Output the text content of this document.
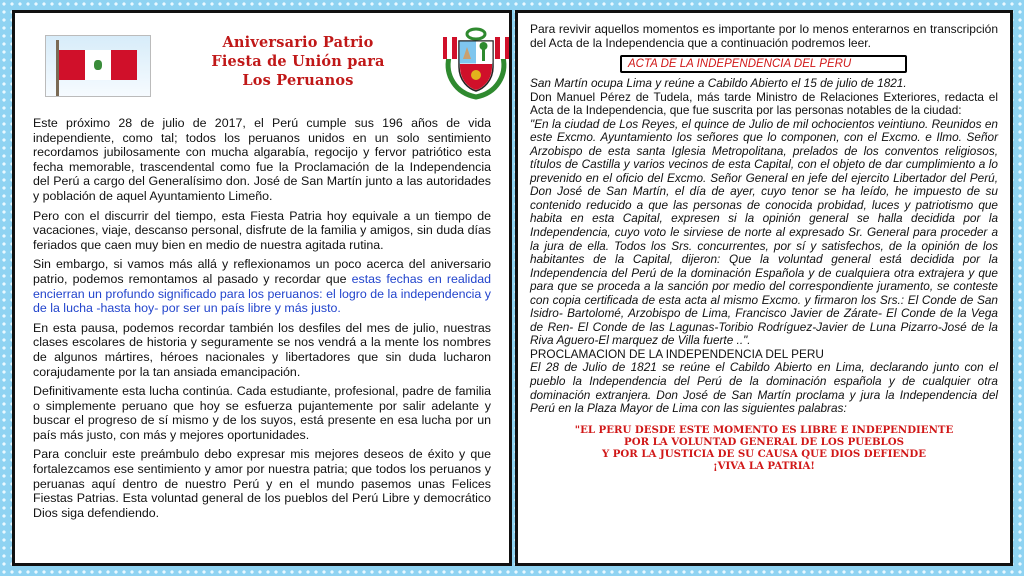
Aniversario Patrio
Fiesta de Unión para
Los Peruanos

Este próximo 28 de julio de 2017, el Perú cumple sus 196 años de vida independiente, como tal; todos los peruanos unidos en un solo sentimiento recordamos jubilosamente con mucha algarabía, regocijo y fervor patriótico esta fecha memorable, trascendental como fue la Proclamación de la Independencia del Perú a cargo del Generalísimo don. José de San Martín junto a las autoridades y población de aquel Ayuntamiento Limeño.

Pero con el discurrir del tiempo, esta Fiesta Patria hoy equivale a un tiempo de vacaciones, viaje, descanso personal, disfrute de la familia y amigos, sin duda días feriados que caen muy bien en medio de nuestra agitada rutina.

Sin embargo, si vamos más allá y reflexionamos un poco acerca del aniversario patrio, podemos remontamos al pasado y recordar que estas fechas en realidad encierran un profundo significado para los peruanos: el logro de la independencia y de la lucha -hasta hoy- por ser un país libre y más justo.

En esta pausa, podemos recordar también los desfiles del mes de julio, nuestras clases escolares de historia y seguramente se nos vendrá a la mente los nombres de algunos mártires, héroes nacionales y libertadores que sin duda lucharon corajudamente por la tan ansiada emancipación.

Definitivamente esta lucha continúa. Cada estudiante, profesional, padre de familia o simplemente peruano que hoy se esfuerza pujantemente por salir adelante y buscar el progreso de sí mismo y de los suyos, está presente en esa lucha por un país más justo, con más y mejores oportunidades.

Para concluir este preámbulo debo expresar mis mejores deseos de éxito y que fortalezcamos ese sentimiento y amor por nuestra patria; que todos los peruanos y peruanas aquí dentro de nuestro Perú y en el mundo pasemos unas Felices Fiestas Patrias. Esta voluntad general de los pueblos del Perú Libre y democrático Dios siga defendiendo.

Para revivir aquellos momentos es importante por lo menos enterarnos en transcripción del Acta de la Independencia que a continuación podremos leer.
ACTA DE LA INDEPENDENCIA DEL PERU

San Martín ocupa Lima y reúne a Cabildo Abierto el 15 de julio de 1821.

Don Manuel Pérez de Tudela, más tarde Ministro de Relaciones Exteriores, redacta el Acta de la Independencia, que fue suscrita por las personas notables de la ciudad:

"En la ciudad de Los Reyes, el quince de Julio de mil ochocientos veintiuno. Reunidos en este Excmo. Ayuntamiento los señores que lo componen, con el Excmo. e Ilmo. Señor Arzobispo de esta santa Iglesia Metropolitana, prelados de los conventos religiosos, títulos de Castilla y varios vecinos de esta Capital, con el objeto de dar cumplimiento a lo prevenido en el oficio del Excmo. Señor General en jefe del ejercito Libertador del Perú, Don José de San Martín, el día de ayer, cuyo tenor se ha leído, he impuesto de su contenido reducido a que las personas de conocida probidad, luces y patriotismo que habita en esta Capital, expresen si la opinión general se halla decidida por la Independencia, cuyo voto le sirviese de norte al expresado Sr. General para proceder a la jura de ella. Todos los Srs. concurrentes, por sí y satisfechos, de la opinión de los habitantes de la Capital, dijeron: Que la voluntad general está decidida por la Independencia del Perú de la dominación Española y de cualquiera otra extrajera y que para que se proceda a la sanción por medio del correspondiente juramento, se conteste con copia certificada de esta acta al mismo Excmo. y firmaron los Srs.: El Conde de San Isidro- Bartolomé, Arzobispo de Lima, Francisco Javier de Zárate- El Conde de la Vega de Ren- El Conde de las Lagunas-Toribio Rodríguez-Javier de Luna Pizarro-José de la Riva Aguero-El marquez de Villa fuerte ..".

PROCLAMACION DE LA INDEPENDENCIA DEL PERU

El 28 de Julio de 1821 se reúne el Cabildo Abierto en Lima, declarando junto con el pueblo la Independencia del Perú de la dominación española y de cualquier otra dominación extranjera. Don José de San Martín proclama y jura la Independencia del Perú en la Plaza Mayor de Lima con las siguientes palabras:

"EL PERU DESDE ESTE MOMENTO ES LIBRE E INDEPENDIENTE
POR LA VOLUNTAD GENERAL DE LOS PUEBLOS
Y POR LA JUSTICIA DE SU CAUSA QUE DIOS DEFIENDE
¡VIVA LA PATRIA!
